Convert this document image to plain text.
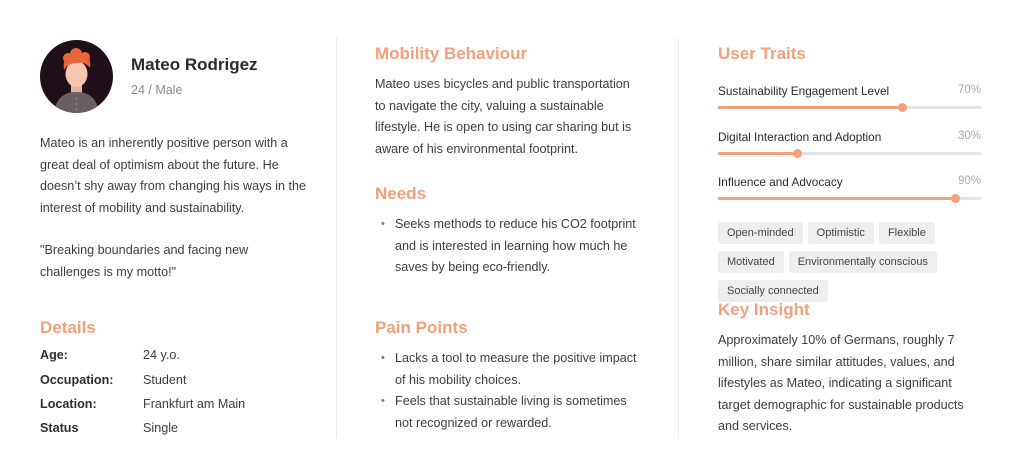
Mateo Rodrigez
24 / Male
Mateo is an inherently positive person with a great deal of optimism about the future. He doesn’t shy away from changing his ways in the interest of mobility and sustainability.
"Breaking boundaries and facing new challenges is my motto!"
Details
Age:	24 y.o.
Occupation: Student
Location:	Frankfurt am Main
Status	Single
Mobility Behaviour
Mateo uses bicycles and public transportation to navigate the city, valuing a sustainable lifestyle. He is open to using car sharing but is aware of his environmental footprint.
Needs
• Seeks methods to reduce his CO2 footprint and is interested in learning how much he saves by being eco-friendly.
Pain Points
• Lacks a tool to measure the positive impact of his mobility choices.
• Feels that sustainable living is sometimes not recognized or rewarded.
User Traits
Sustainability Engagement Level	70%
Digital Interaction and Adoption	30%
Influence and Advocacy	90%
Open-minded Optimistic FlexibleMotivated Environmentally consciousSocially connected
Key Insight
Approximately 10% of Germans, roughly 7 million, share similar attitudes, values, and lifestyles as Mateo, indicating a significant target demographic for sustainable products and services.
